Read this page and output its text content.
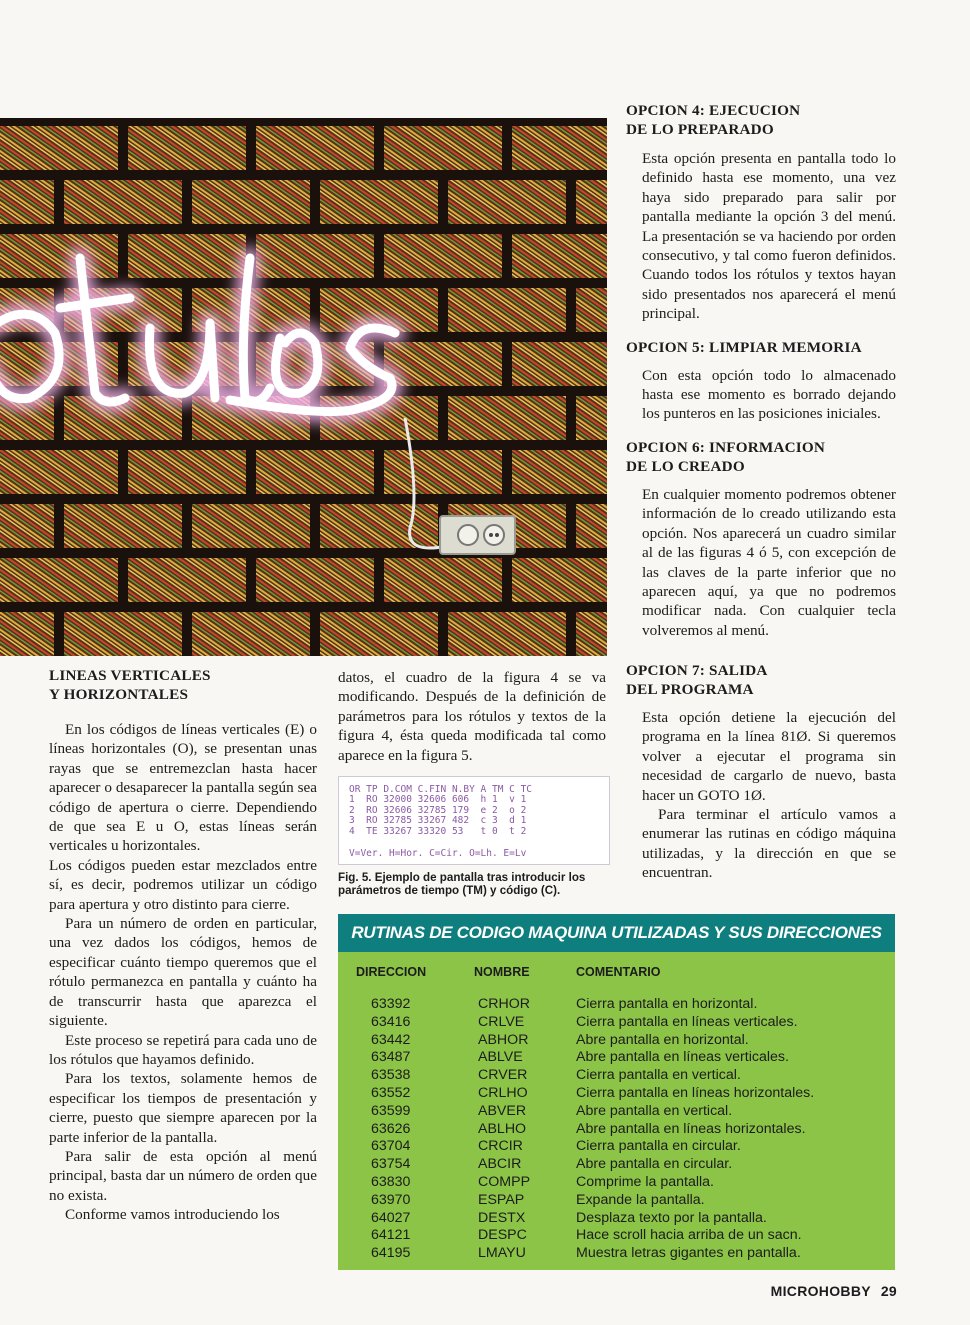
OPCION 4: EJECUCION
DE LO PREPARADO

Esta opción presenta en pantalla todo lo definido hasta ese momento, una vez haya sido preparado para salir por pantalla mediante la opción 3 del menú. La presentación se va haciendo por orden consecutivo, y tal como fueron definidos. Cuando todos los rótulos y textos hayan sido presentados nos aparecerá el menú principal.

OPCION 5: LIMPIAR MEMORIA

Con esta opción todo lo almacenado hasta ese momento es borrado dejando los punteros en las posiciones iniciales.

OPCION 6: INFORMACION
DE LO CREADO

En cualquier momento podremos obtener información de lo creado utilizando esta opción. Nos aparecerá un cuadro similar al de las figuras 4 ó 5, con excepción de las claves de la parte inferior que no aparecen aquí, ya que no podremos modificar nada. Con cualquier tecla volveremos al menú.

OPCION 7: SALIDA
DEL PROGRAMA

Esta opción detiene la ejecución del programa en la línea 81Ø. Si queremos volver a ejecutar el programa sin necesidad de cargarlo de nuevo, basta hacer un GOTO 1Ø.

Para terminar el artículo vamos a enumerar las rutinas en código máquina utilizadas, y la dirección en que se encuentran.

LINEAS VERTICALES
Y HORIZONTALES

En los códigos de líneas verticales (E) o líneas horizontales (O), se presentan unas rayas que se entremezclan hasta hacer aparecer o desaparecer la pantalla según sea código de apertura o cierre. Dependiendo de que sea E u O, estas líneas serán verticales u horizontales.

Los códigos pueden estar mezclados entre sí, es decir, podremos utilizar un código para apertura y otro distinto para cierre.

Para un número de orden en particular, una vez dados los códigos, hemos de especificar cuánto tiempo queremos que el rótulo permanezca en pantalla y cuánto ha de transcurrir hasta que aparezca el siguiente.

Este proceso se repetirá para cada uno de los rótulos que hayamos definido.

Para los textos, solamente hemos de especificar los tiempos de presentación y cierre, puesto que siempre aparecen por la parte inferior de la pantalla.

Para salir de esta opción al menú principal, basta dar un número de orden que no exista.

Conforme vamos introduciendo los

datos, el cuadro de la figura 4 se va modificando. Después de la definición de parámetros para los rótulos y textos de la figura 4, ésta queda modificada tal como aparece en la figura 5.

OR TP D.COM C.FIN N.BY A TM C TC
1  RO 32000 32606 606  h 1  v 1
2  RO 32606 32785 179  e 2  o 2
3  RO 32785 33267 482  c 3  d 1
4  TE 33267 33320 53   t 0  t 2
V=Ver. H=Hor. C=Cir. O=Lh. E=Lv
Fig. 5. Ejemplo de pantalla tras introducir los parámetros de tiempo (TM) y código (C).
RUTINAS DE CODIGO MAQUINA UTILIZADAS Y SUS DIRECCIONES
DIRECCION	NOMBRE	COMENTARIO
63392	CRHOR	Cierra pantalla en horizontal.
63416	CRLVE	Cierra pantalla en líneas verticales.
63442	ABHOR	Abre pantalla en horizontal.
63487	ABLVE	Abre pantalla en líneas verticales.
63538	CRVER	Cierra pantalla en vertical.
63552	CRLHO	Cierra pantalla en líneas horizontales.
63599	ABVER	Abre pantalla en vertical.
63626	ABLHO	Abre pantalla en líneas horizontales.
63704	CRCIR	Cierra pantalla en circular.
63754	ABCIR	Abre pantalla en circular.
63830	COMPP	Comprime la pantalla.
63970	ESPAP	Expande la pantalla.
64027	DESTX	Desplaza texto por la pantalla.
64121	DESPC	Hace scroll hacia arriba de un sacn.
64195	LMAYU	Muestra letras gigantes en pantalla.
MICROHOBBY 29
